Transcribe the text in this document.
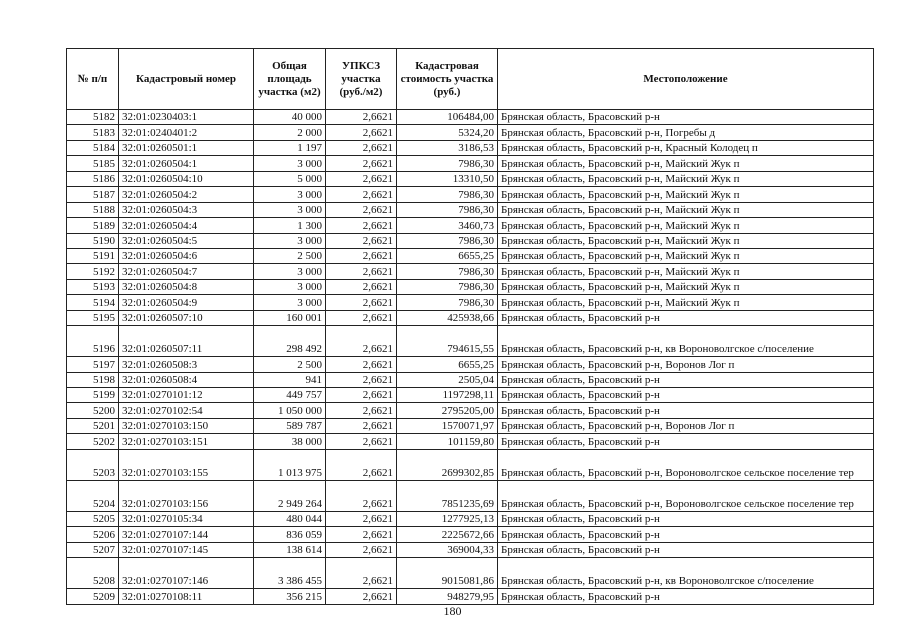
№ п/п	Кадастровый номер	Общая площадь участка (м2)	УПКСЗ участка (руб./м2)	Кадастровая стоимость участка (руб.)	Местоположение
5182	32:01:0230403:1	40 000	2,6621	106484,00	Брянская область, Брасовский р-н
5183	32:01:0240401:2	2 000	2,6621	5324,20	Брянская область, Брасовский р-н, Погребы д
5184	32:01:0260501:1	1 197	2,6621	3186,53	Брянская область, Брасовский р-н, Красный Колодец п
5185	32:01:0260504:1	3 000	2,6621	7986,30	Брянская область, Брасовский р-н, Майский Жук п
5186	32:01:0260504:10	5 000	2,6621	13310,50	Брянская область, Брасовский р-н, Майский Жук п
5187	32:01:0260504:2	3 000	2,6621	7986,30	Брянская область, Брасовский р-н, Майский Жук п
5188	32:01:0260504:3	3 000	2,6621	7986,30	Брянская область, Брасовский р-н, Майский Жук п
5189	32:01:0260504:4	1 300	2,6621	3460,73	Брянская область, Брасовский р-н, Майский Жук п
5190	32:01:0260504:5	3 000	2,6621	7986,30	Брянская область, Брасовский р-н, Майский Жук п
5191	32:01:0260504:6	2 500	2,6621	6655,25	Брянская область, Брасовский р-н, Майский Жук п
5192	32:01:0260504:7	3 000	2,6621	7986,30	Брянская область, Брасовский р-н, Майский Жук п
5193	32:01:0260504:8	3 000	2,6621	7986,30	Брянская область, Брасовский р-н, Майский Жук п
5194	32:01:0260504:9	3 000	2,6621	7986,30	Брянская область, Брасовский р-н, Майский Жук п
5195	32:01:0260507:10	160 001	2,6621	425938,66	Брянская область, Брасовский р-н
5196	32:01:0260507:11	298 492	2,6621	794615,55	Брянская область, Брасовский р-н, кв Вороноволгское с/поселение
5197	32:01:0260508:3	2 500	2,6621	6655,25	Брянская область, Брасовский р-н, Воронов Лог п
5198	32:01:0260508:4	941	2,6621	2505,04	Брянская область, Брасовский р-н
5199	32:01:0270101:12	449 757	2,6621	1197298,11	Брянская область, Брасовский р-н
5200	32:01:0270102:54	1 050 000	2,6621	2795205,00	Брянская область, Брасовский р-н
5201	32:01:0270103:150	589 787	2,6621	1570071,97	Брянская область, Брасовский р-н, Воронов Лог п
5202	32:01:0270103:151	38 000	2,6621	101159,80	Брянская область, Брасовский р-н
5203	32:01:0270103:155	1 013 975	2,6621	2699302,85	Брянская область, Брасовский р-н, Вороноволгское сельское поселение тер
5204	32:01:0270103:156	2 949 264	2,6621	7851235,69	Брянская область, Брасовский р-н, Вороноволгское сельское поселение тер
5205	32:01:0270105:34	480 044	2,6621	1277925,13	Брянская область, Брасовский р-н
5206	32:01:0270107:144	836 059	2,6621	2225672,66	Брянская область, Брасовский р-н
5207	32:01:0270107:145	138 614	2,6621	369004,33	Брянская область, Брасовский р-н
5208	32:01:0270107:146	3 386 455	2,6621	9015081,86	Брянская область, Брасовский р-н, кв Вороноволгское с/поселение
5209	32:01:0270108:11	356 215	2,6621	948279,95	Брянская область, Брасовский р-н
180
